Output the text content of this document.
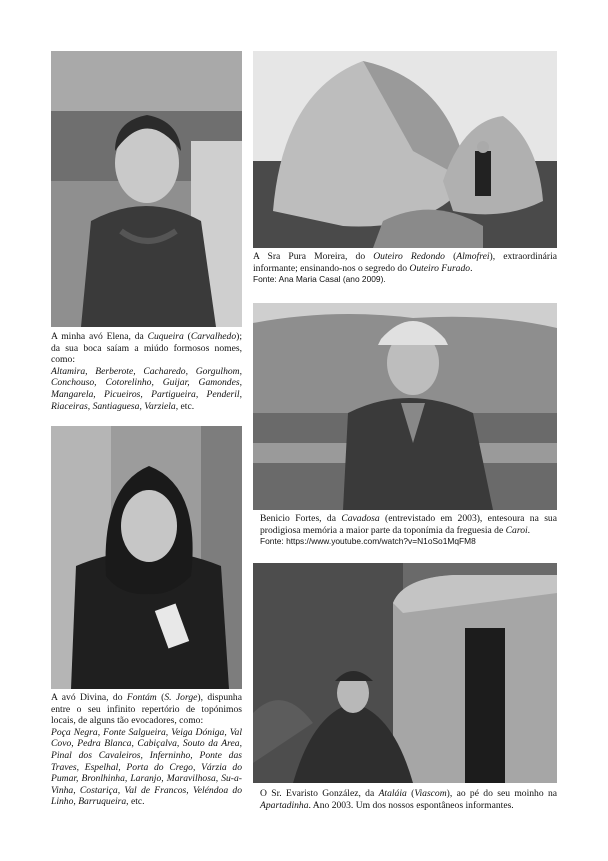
A Sra Pura Moreira, do Outeiro Redondo (Almofrei), extraordinária informante; ensinando-nos o segredo do Outeiro Furado.

Fonte: Ana Maria Casal (ano 2009).

Benicio Fortes, da Cavadosa (entrevistado em 2003), entesoura na sua prodigiosa memória a maior parte da toponímia da freguesia de Caroi.

Fonte: https://www.youtube.com/watch?v=N1oSo1MqFM8

A minha avó Elena, da Cuqueira (Carvalhedo); da sua boca saíam a miúdo formosos nomes, como:

Altamira, Berberote, Cacharedo, Gorgulhom, Conchouso, Cotorelinho, Guijar, Gamondes, Mangarela, Picueiros, Partigueira, Penderil, Riaceiras, Santiaguesa, Varziela, etc.

A avó Divina, do Fontám (S. Jorge), dispunha entre o seu infinito repertório de topónimos locais, de alguns tão evocadores, como:

Poça Negra, Fonte Salgueira, Veiga Dóniga, Val Covo, Pedra Blanca, Cabiçalva, Souto da Area, Pinal dos Cavaleiros, Inferninho, Ponte das Traves, Espelhal, Porta do Crego, Várzia do Pumar, Bronlhinha, Laranjo, Maravilhosa, Su-a-Vinha, Costariça, Val de Francos, Veléndoa do Linho, Barruqueira, etc.

O Sr. Evaristo González, da Ataláia (Viascom), ao pé do seu moinho na Apartadinha. Ano 2003. Um dos nossos espontâneos informantes.
